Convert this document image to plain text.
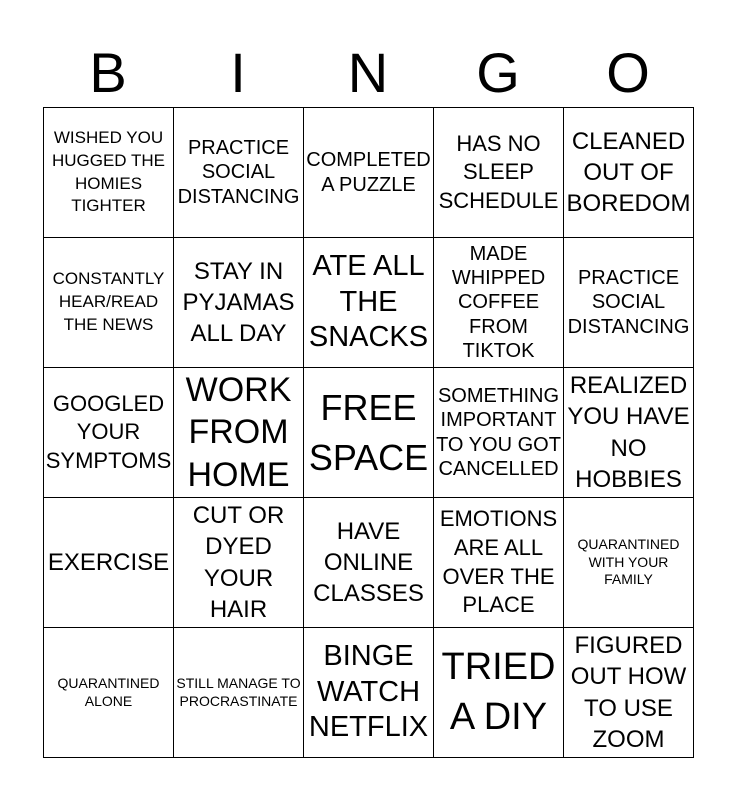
B	I	N	G	O
WISHED YOU HUGGED THE HOMIES TIGHTER
PRACTICE SOCIAL DISTANCING
COMPLETED A PUZZLE
HAS NO SLEEP SCHEDULE
CLEANED OUT OF BOREDOM
CONSTANTLY HEAR/READ THE NEWS
STAY IN PYJAMAS ALL DAY
ATE ALL THE SNACKS
MADE WHIPPED COFFEE FROM TIKTOK
PRACTICE SOCIAL DISTANCING
GOOGLED YOUR SYMPTOMS
WORK FROM HOME
FREE SPACE
SOMETHING IMPORTANT TO YOU GOT CANCELLED
REALIZED YOU HAVE NO HOBBIES
EXERCISE
CUT OR DYED YOUR HAIR
HAVE ONLINE CLASSES
EMOTIONS ARE ALL OVER THE PLACE
QUARANTINED WITH YOUR FAMILY
QUARANTINED ALONE
STILL MANAGE TO PROCRASTINATE
BINGE WATCH NETFLIX
TRIED A DIY
FIGURED OUT HOW TO USE ZOOM
